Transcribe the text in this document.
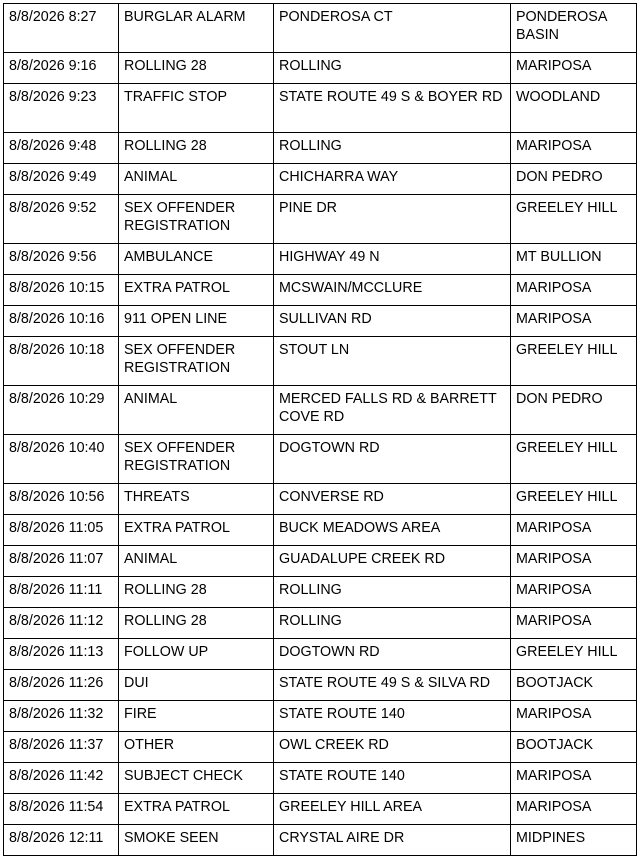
8/8/2026 8:27	BURGLAR ALARM	PONDEROSA CT	PONDEROSA BASIN
8/8/2026 9:16	ROLLING 28	ROLLING	MARIPOSA
8/8/2026 9:23	TRAFFIC STOP	STATE ROUTE 49 S & BOYER RD	WOODLAND
8/8/2026 9:48	ROLLING 28	ROLLING	MARIPOSA
8/8/2026 9:49	ANIMAL	CHICHARRA WAY	DON PEDRO
8/8/2026 9:52	SEX OFFENDER REGISTRATION	PINE DR	GREELEY HILL
8/8/2026 9:56	AMBULANCE	HIGHWAY 49 N	MT BULLION
8/8/2026 10:15	EXTRA PATROL	MCSWAIN/MCCLURE	MARIPOSA
8/8/2026 10:16	911 OPEN LINE	SULLIVAN RD	MARIPOSA
8/8/2026 10:18	SEX OFFENDER REGISTRATION	STOUT LN	GREELEY HILL
8/8/2026 10:29	ANIMAL	MERCED FALLS RD & BARRETT COVE RD	DON PEDRO
8/8/2026 10:40	SEX OFFENDER REGISTRATION	DOGTOWN RD	GREELEY HILL
8/8/2026 10:56	THREATS	CONVERSE RD	GREELEY HILL
8/8/2026 11:05	EXTRA PATROL	BUCK MEADOWS AREA	MARIPOSA
8/8/2026 11:07	ANIMAL	GUADALUPE CREEK RD	MARIPOSA
8/8/2026 11:11	ROLLING 28	ROLLING	MARIPOSA
8/8/2026 11:12	ROLLING 28	ROLLING	MARIPOSA
8/8/2026 11:13	FOLLOW UP	DOGTOWN RD	GREELEY HILL
8/8/2026 11:26	DUI	STATE ROUTE 49 S & SILVA RD	BOOTJACK
8/8/2026 11:32	FIRE	STATE ROUTE 140	MARIPOSA
8/8/2026 11:37	OTHER	OWL CREEK RD	BOOTJACK
8/8/2026 11:42	SUBJECT CHECK	STATE ROUTE 140	MARIPOSA
8/8/2026 11:54	EXTRA PATROL	GREELEY HILL AREA	MARIPOSA
8/8/2026 12:11	SMOKE SEEN	CRYSTAL AIRE DR	MIDPINES
